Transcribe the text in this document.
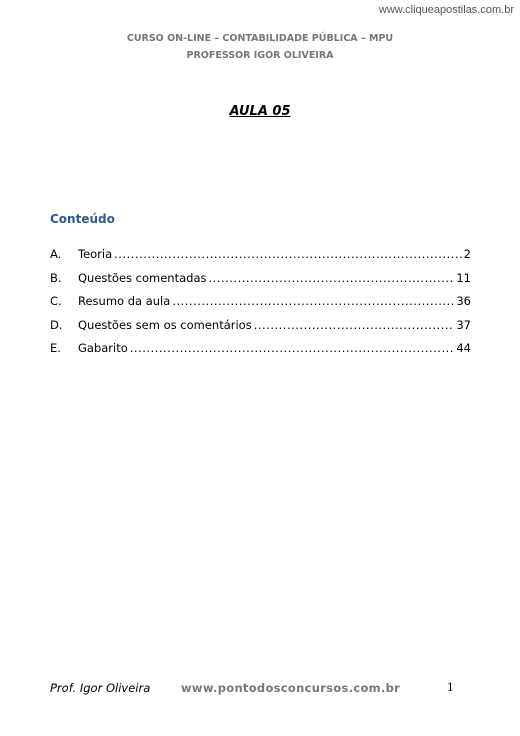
www.cliqueapostilas.com.br
CURSO ON-LINE – CONTABILIDADE PÚBLICA – MPU
PROFESSOR IGOR OLIVEIRA
AULA 05
Conteúdo
A.	Teoria .....	2
B.	Questões comentadas .....	11
C.	Resumo da aula .....	36
D.	Questões sem os comentários .....	37
E.	Gabarito .....	44
Prof. Igor Oliveira	www.pontodosconcursos.com.br	1
